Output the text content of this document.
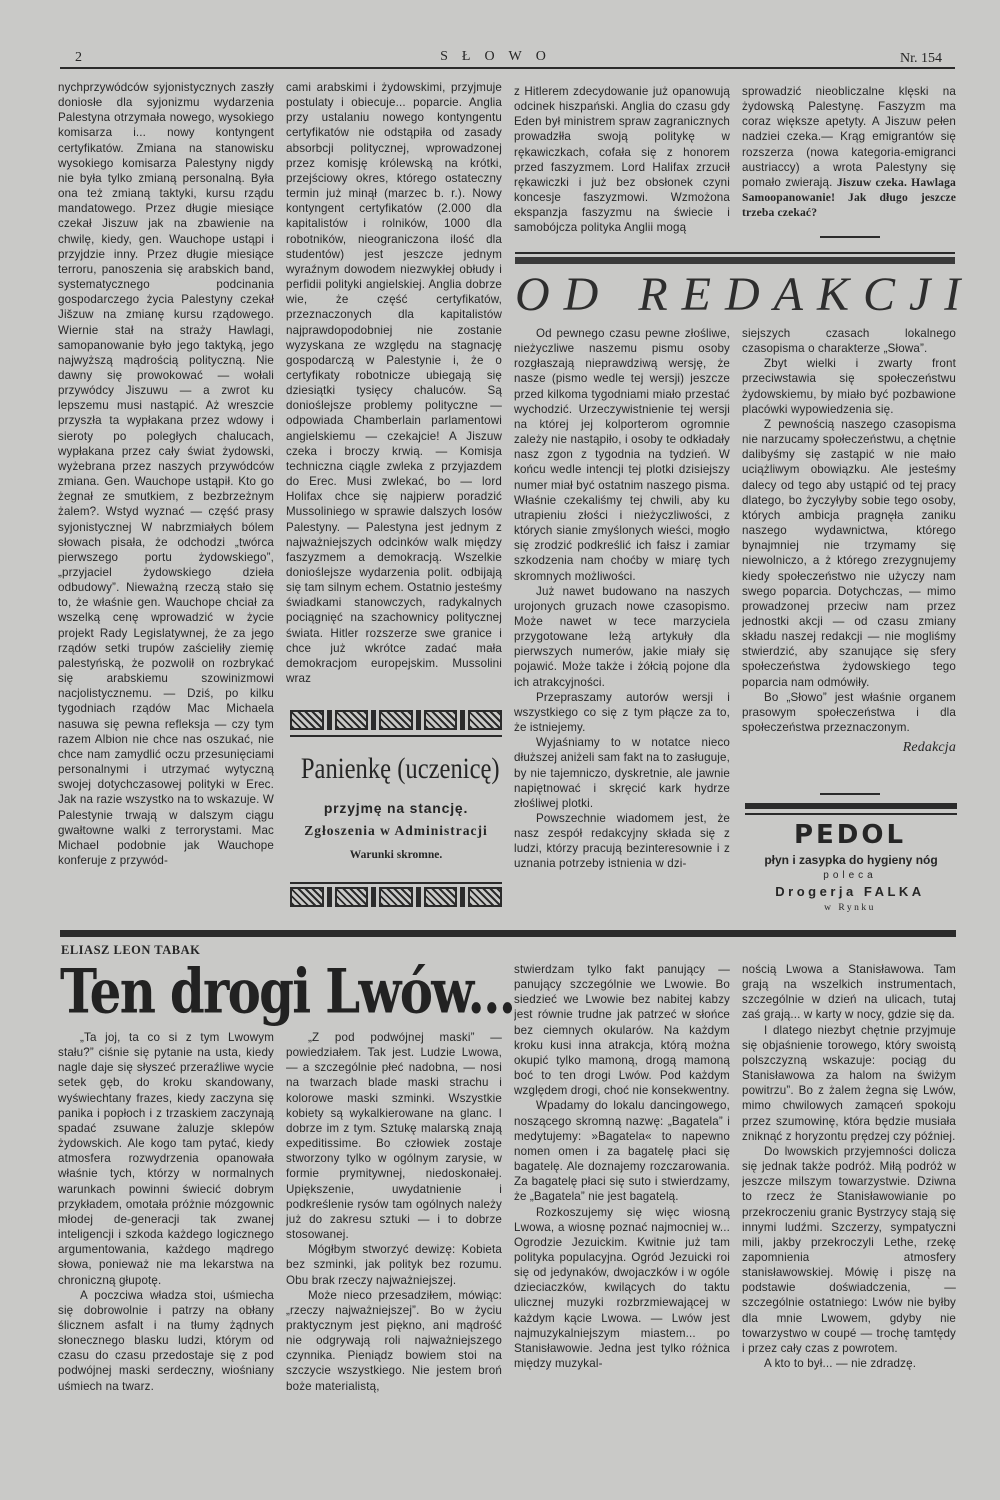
2	SŁOWO	Nr. 154

nychprzywódców syjonistycznych zaszły doniosłe dla syjonizmu wydarzenia Palestyna otrzymała nowego, wysokiego komisarza i... nowy kontyngent certyfikatów. Zmiana na stanowisku wysokiego komisarza Palestyny nigdy nie była tylko zmianą personalną. Była ona też zmianą taktyki, kursu rządu mandatowego. Przez długie miesiące czekał Jiszuw jak na zbawienie na chwilę, kiedy, gen. Wauchope ustąpi i przyjdzie inny. Przez długie miesiące terroru, panoszenia się arabskich band, systematycznego podcinania gospodarczego życia Palestyny czekał Jišzuw na zmianę kursu rządowego. Wiernie stał na straży Hawlagi, samopanowanie było jego taktyką, jego najwyższą mądrością polityczną. Nie dawny się prowokować — wołali przywódcy Jiszuwu — a zwrot ku lepszemu musi nastąpić. Aż wreszcie przyszła ta wypłakana przez wdowy i sieroty po poległych chalucach, wypłakana przez cały świat żydowski, wyżebrana przez naszych przywódców zmiana. Gen. Wauchope ustąpił. Kto go żegnał ze smutkiem, z bezbrzeżnym żalem?. Wstyd wyznać — część prasy syjonistycznej W nabrzmiałych bólem słowach pisała, że odchodzi „twórca pierwszego portu żydowskiego”, „przyjaciel żydowskiego dzieła odbudowy”. Nieważną rzeczą stało się to, że właśnie gen. Wauchope chciał za wszelką cenę wprowadzić w życie projekt Rady Legislatywnej, że za jego rządów setki trupów zaścieliły ziemię palestyńską, że pozwolił on rozbrykać się arabskiemu szowinizmowi nacjolistycznemu. — Dziś, po kilku tygodniach rządów Mac Michaela nasuwa się pewna refleksja — czy tym razem Albion nie chce nas oszukać, nie chce nam zamydlić oczu przesunięciami personalnymi i utrzymać wytyczną swojej dotychczasowej polityki w Erec. Jak na razie wszystko na to wskazuje. W Palestynie trwają w dalszym ciągu gwałtowne walki z terrorystami. Mac Michael podobnie jak Wauchope konferuje z przywód-

cami arabskimi i żydowskimi, przyjmuje postulaty i obiecuje... poparcie. Anglia przy ustalaniu nowego kontyngentu certyfikatów nie odstąpiła od zasady absorbcji politycznej, wprowadzonej przez komisję królewską na krótki, przejściowy okres, którego ostateczny termin już minął (marzec b. r.). Nowy kontyngent certyfikatów (2.000 dla kapitalistów i rolników, 1000 dla robotników, nieograniczona ilość dla studentów) jest jeszcze jednym wyraźnym dowodem niezwykłej obłudy i perfidii polityki angielskiej. Anglia dobrze wie, że część certyfikatów, przeznaczonych dla kapitalistów najprawdopodobniej nie zostanie wyzyskana ze względu na stagnację gospodarczą w Palestynie i, że o certyfikaty robotnicze ubiegają się dziesiątki tysięcy chaluców. Są donioślejsze problemy polityczne — odpowiada Chamberlain parlamentowi angielskiemu — czekajcie! A Jiszuw czeka i broczy krwią. — Komisja techniczna ciągle zwleka z przyjazdem do Erec. Musi zwlekać, bo — lord Holifax chce się najpierw poradzić Mussoliniego w sprawie dalszych losów Palestyny. — Palestyna jest jednym z najważniejszych odcinków walk między faszyzmem a demokracją. Wszelkie donioślejsze wydarzenia polit. odbijają się tam silnym echem. Ostatnio jesteśmy świadkami stanowczych, radykalnych pociągnięć na szachownicy politycznej świata. Hitler rozszerze swe granice i chce już wkrótce zadać mała demokracjom europejskim. Mussolini wraz

z Hitlerem zdecydowanie już opanowują odcinek hiszpański. Anglia do czasu gdy Eden był ministrem spraw zagranicznych prowadzłła swoją politykę w rękawiczkach, cofała się z honorem przed faszyzmem. Lord Halifax zrzucił rękawiczki i już bez obsłonek czyni koncesje faszyzmowi. Wzmożona ekspanzja faszyzmu na świecie i samobójcza polityka Anglii mogą

sprowadzić nieobliczalne klęski na żydowską Palestynę. Faszyzm ma coraz większe apetyty. A Jiszuw pełen nadziei czeka.— Krąg emigrantów się rozszerza (nowa kategoria-emigranci austriaccy) a wrota Palestyny się pomało zwierają. Jiszuw czeka. Hawlaga Samoopanowanie! Jak długo jeszcze trzeba czekać?

OD REDAKCJI

Od pewnego czasu pewne złośliwe, nieżyczliwe naszemu pismu osoby rozgłaszają nieprawdziwą wersję, że nasze (pismo wedle tej wersji) jeszcze przed kilkoma tygodniami miało przestać wychodzić. Urzeczywistnienie tej wersji na której jej kolporterom ogromnie zależy nie nastąpiło, i osoby te odkładały nasz zgon z tygodnia na tydzień. W końcu wedle intencji tej plotki dzisiejszy numer miał być ostatnim naszego pisma. Właśnie czekaliśmy tej chwili, aby ku utrapieniu złości i nieżyczliwości, z których sianie zmyślonych wieści, mogło się zrodzić podkreślić ich fałsz i zamiar szkodzenia nam choćby w miarę tych skromnych możliwości.

Już nawet budowano na naszych urojonych gruzach nowe czasopismo. Może nawet w tece marzyciela przygotowane leżą artykuły dla pierwszych numerów, jakie miały się pojawić. Może także i żółcią pojone dla ich atrakcyjności.

Przepraszamy autorów wersji i wszystkiego co się z tym płącze za to, że istniejemy.

Wyjaśniamy to w notatce nieco dłuższej aniżeli sam fakt na to zasługuje, by nie tajemniczo, dyskretnie, ale jawnie napiętnować i skręcić kark hydrze złośliwej plotki.

Powszechnie wiadomem jest, że nasz zespół redakcyjny składa się z ludzi, którzy pracują bezinteresownie i z uznania potrzeby istnienia w dzi-

siejszych czasach lokalnego czasopisma o charakterze „Słowa”.

Zbyt wielki i zwarty front przeciwstawia się społeczeństwu żydowskiemu, by miało być pozbawione placówki wypowiedzenia się.

Z pewnością naszego czasopisma nie narzucamy społeczeństwu, a chętnie dalibyśmy się zastąpić w nie mało uciążliwym obowiązku. Ale jesteśmy dalecy od tego aby ustąpić od tej pracy dlatego, bo życzyłyby sobie tego osoby, których ambicja pragnęła zaniku naszego wydawnictwa, którego bynajmniej nie trzymamy się niewolniczo, a ż którego zrezygnujemy kiedy społeczeństwo nie użyczy nam swego poparcia. Dotychczas, — mimo prowadzonej przeciw nam przez jednostki akcji — od czasu zmiany składu naszej redakcji — nie mogliśmy stwierdzić, aby szanujące się sfery społeczeństwa żydowskiego tego poparcia nam odmówiły.

Bo „Słowo” jest właśnie organem prasowym społeczeństwa i dla społeczeństwa przeznaczonym.

Redakcja

Panienkę (uczenicę)
przyjmę na stancję.
Zgłoszenia w Administracji
Warunki skromne.
PEDOL
płyn i zasypka do hygieny nóg
poleca
Drogerja FALKA
w Rynku
ELIASZ LEON TABAK
Ten drogi Lwów...

„Ta joj, ta co si z tym Lwowym stału?” ciśnie się pytanie na usta, kiedy nagle daje się słyszeć przeraźliwe wycie setek gęb, do kroku skandowany, wyświechtany frazes, kiedy zaczyna się panika i popłoch i z trzaskiem zaczynają spadać zsuwane żaluzje sklepów żydowskich. Ale kogo tam pytać, kiedy atmosfera rozwydrzenia opanowała właśnie tych, którzy w normalnych warunkach powinni świecić dobrym przykładem, omotała próżnie mózgownic młodej de-generacji tak zwanej inteligencji i szkoda każdego logicznego argumentowania, każdego mądrego słowa, ponieważ nie ma lekarstwa na chroniczną głupotę.

A poczciwa władza stoi, uśmiecha się dobrowolnie i patrzy na obłany ślicznem asfalt i na tłumy żądnych słonecznego blasku ludzi, którym od czasu do czasu przedostaje się z pod podwójnej maski serdeczny, wiośniany uśmiech na twarz.

„Z pod podwójnej maski” — powiedziałem. Tak jest. Ludzie Lwowa, — a szczególnie płeć nadobna, — nosi na twarzach blade maski strachu i kolorowe maski szminki. Wszystkie kobiety są wykalkierowane na glanc. I dobrze im z tym. Sztukę malarską znają expeditissime. Bo człowiek zostaje stworzony tylko w ogólnym zarysie, w formie prymitywnej, niedoskonałej. Upiększenie, uwydatnienie i podkreślenie rysów tam ogólnych należy już do zakresu sztuki — i to dobrze stosowanej.

Mógłbym stworzyć dewizę: Kobieta bez szminki, jak polityk bez rozumu. Obu brak rzeczy najważniejszej.

Może nieco przesadziłem, mówiąc: „rzeczy najważniejszej”. Bo w życiu praktycznym jest piękno, ani mądrość nie odgrywają roli najważniejszego czynnika. Pieniądz bowiem stoi na szczycie wszystkiego. Nie jestem broń boże materialistą,

stwierdzam tylko fakt panujący — panujący szczególnie we Lwowie. Bo siedzieć we Lwowie bez nabitej kabzy jest równie trudne jak patrzeć w słońce bez ciemnych okularów. Na każdym kroku kusi inna atrakcja, którą można okupić tylko mamoną, drogą mamoną boć to ten drogi Lwów. Pod każdym względem drogi, choć nie konsekwentny.

Wpadamy do lokalu dancingowego, noszącego skromną nazwę: „Bagatela” i medytujemy: »Bagatela« to napewno nomen omen i za bagatelę płaci się bagatelę. Ale doznajemy rozczarowania. Za bagatelę płaci się suto i stwierdzamy, że „Bagatela” nie jest bagatelą.

Rozkoszujemy się więc wiosną Lwowa, a wiosnę poznać najmocniej w... Ogrodzie Jezuickim. Kwitnie już tam polityka populacyjna. Ogród Jezuicki roi się od jedynaków, dwojaczków i w ogóle dzieciaczków, kwilących do taktu ulicznej muzyki rozbrzmiewającej w każdym kącie Lwowa. — Lwów jest najmuzykalniejszym miastem... po Stanisławowie. Jedna jest tylko różnica między muzykal-

nością Lwowa a Stanisławowa. Tam grają na wszelkich instrumentach, szczególnie w dzień na ulicach, tutaj zaś grają... w karty w nocy, gdzie się da.

I dlatego niezbyt chętnie przyjmuje się objaśnienie torowego, który swoistą polszczyzną wskazuje: pociąg du Stanisławowa za halom na świżym powitrzu”. Bo z żalem żegna się Lwów, mimo chwilowych zamąceń spokoju przez szumowinę, która będzie musiała zniknąć z horyzontu prędzej czy później.

Do lwowskich przyjemności dolicza się jednak także podróż. Miłą podróż w jeszcze milszym towarzystwie. Dziwna to rzecz że Stanisławowianie po przekroczeniu granic Bystrzycy stają się innymi ludźmi. Szczerzy, sympatyczni mili, jakby przekroczyli Lethe, rzekę zapomnienia atmosfery stanisławowskiej. Mówię i piszę na podstawie doświadczenia, — szczególnie ostatniego: Lwów nie byłby dla mnie Lwowem, gdyby nie towarzystwo w coupé — trochę tamtędy i przez cały czas z powrotem.

A kto to był... — nie zdradzę.
